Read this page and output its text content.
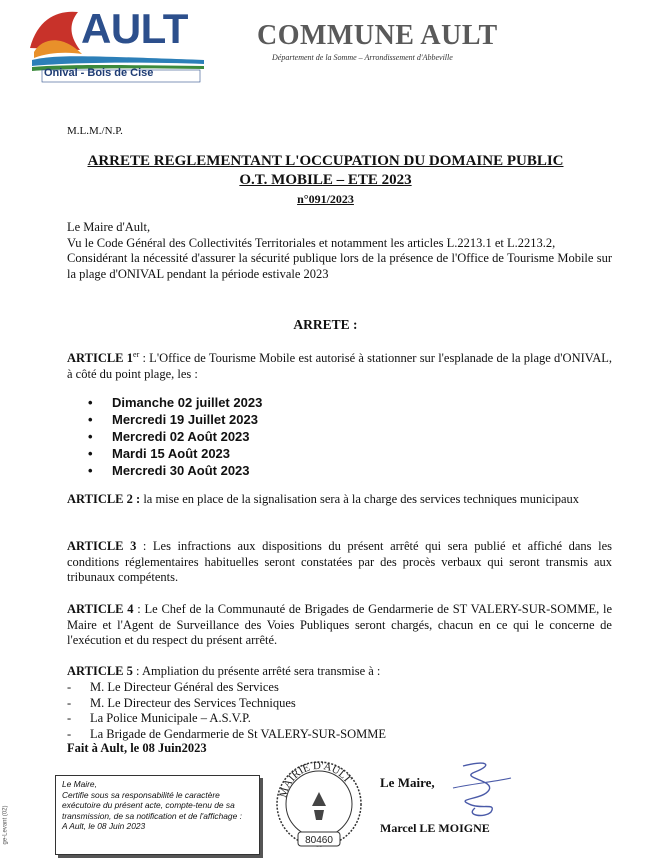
AULT
Onival - Bois de Cise
COMMUNE AULT
Département de la Somme – Arrondissement d'Abbeville
M.L.M./N.P.
ARRETE REGLEMENTANT L'OCCUPATION DU DOMAINE PUBLIC
O.T. MOBILE – ETE 2023
n°091/2023
Le Maire d'Ault,
Vu le Code Général des Collectivités Territoriales et notamment les articles L.2213.1 et L.2213.2,
Considérant la nécessité d'assurer la sécurité publique lors de la présence de l'Office de Tourisme Mobile sur la plage d'ONIVAL pendant la période estivale 2023
ARRETE :
ARTICLE 1er : L'Office de Tourisme Mobile est autorisé à stationner sur l'esplanade de la plage d'ONIVAL, à côté du point plage, les :
• Dimanche 02 juillet 2023
• Mercredi 19 Juillet 2023
• Mercredi 02 Août 2023
• Mardi 15 Août 2023
• Mercredi 30 Août 2023
ARTICLE 2 : la mise en place de la signalisation sera à la charge des services techniques municipaux
ARTICLE 3 : Les infractions aux dispositions du présent arrêté qui sera publié et affiché dans les conditions réglementaires habituelles seront constatées par des procès verbaux qui seront transmis aux tribunaux compétents.
ARTICLE 4 : Le Chef de la Communauté de Brigades de Gendarmerie de ST VALERY-SUR-SOMME, le Maire et l'Agent de Surveillance des Voies Publiques seront chargés, chacun en ce qui le concerne de l'exécution et du respect du présent arrêté.
ARTICLE 5 : Ampliation du présente arrêté sera transmise à :
- M. Le Directeur Général des Services
- M. Le Directeur des Services Techniques
- La Police Municipale – A.S.V.P.
- La Brigade de Gendarmerie de St VALERY-SUR-SOMME
Fait à Ault, le 08 Juin2023
Le Maire,
Certifie sous sa responsabilité le caractère exécutoire du présent acte, compte-tenu de sa transmission, de sa notification et de l'affichage :
A Ault, le 08 Juin 2023
MAIRIE D'AULT
80460
Le Maire,
Marcel LE MOIGNE
ge-Levant (02)
